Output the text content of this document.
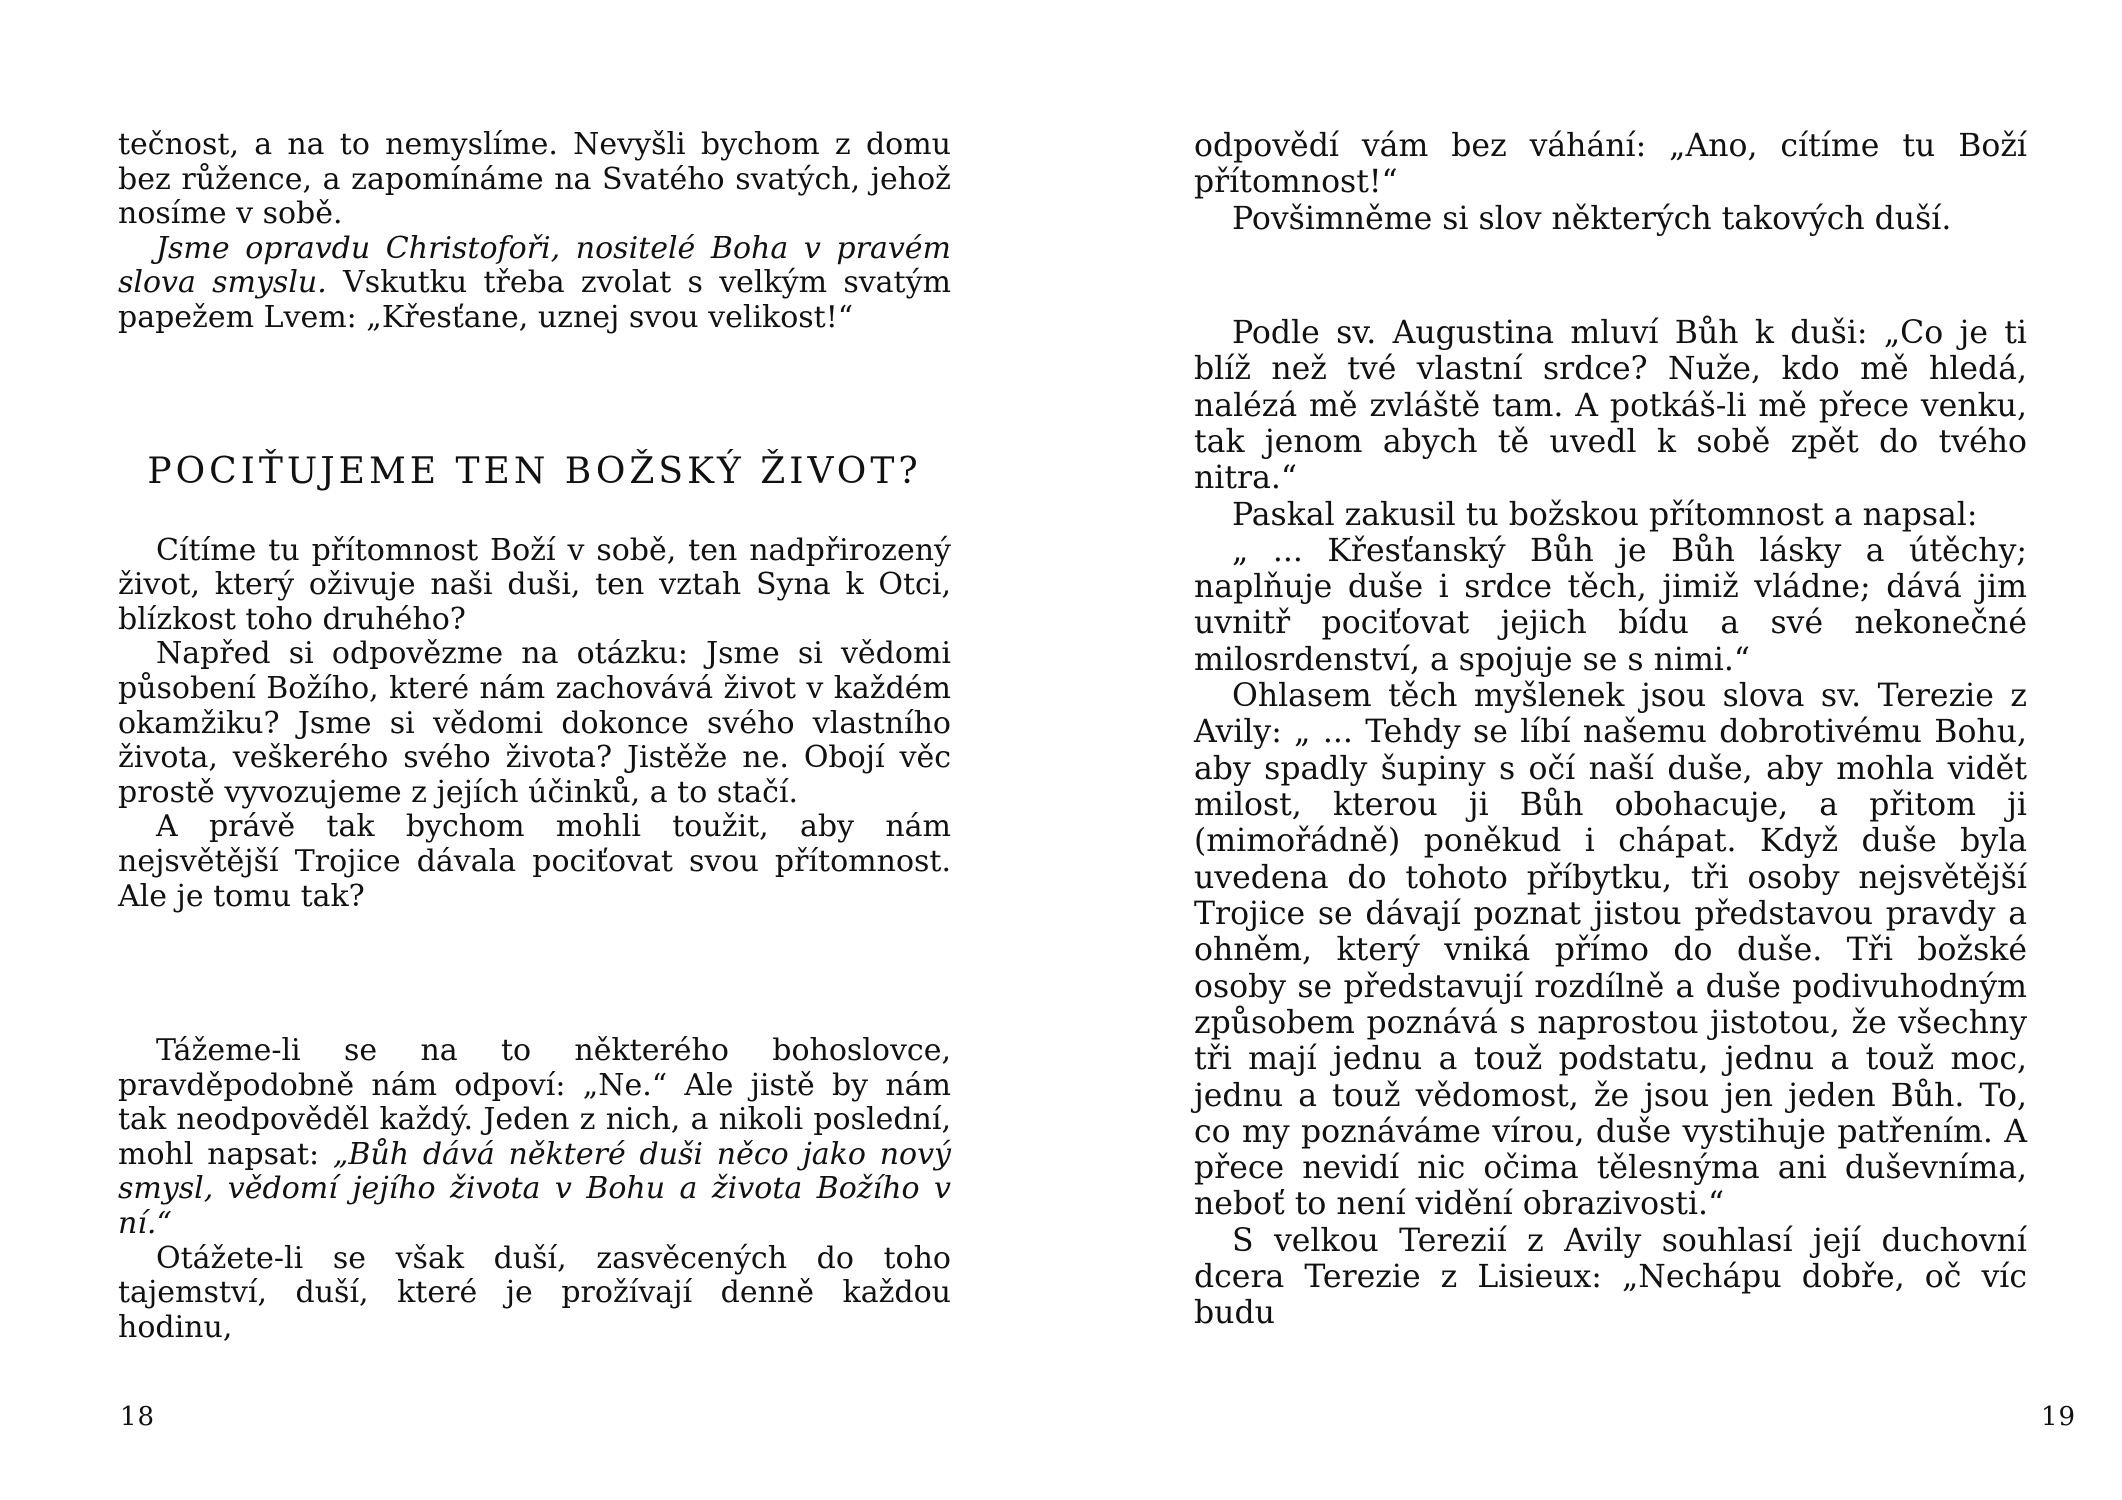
tečnost, a na to nemyslíme. Nevyšli bychom z domu bez růžence, a zapomínáme na Svatého svatých, jehož nosíme v sobě.

Jsme opravdu Christofoři, nositelé Boha v pravém slova smyslu. Vskutku třeba zvolat s velkým svatým papežem Lvem: „Křesťane, uznej svou velikost!“

POCIŤUJEME TEN BOŽSKÝ ŽIVOT?

Cítíme tu přítomnost Boží v sobě, ten nadpřirozený život, který oživuje naši duši, ten vztah Syna k Otci, blízkost toho druhého?

Napřed si odpovězme na otázku: Jsme si vědomi působení Božího, které nám zachovává život v každém okamžiku? Jsme si vědomi dokonce svého vlastního života, veškerého svého života? Jistěže ne. Obojí věc prostě vyvozujeme z jejích účinků, a to stačí.

A právě tak bychom mohli toužit, aby nám nejsvětější Trojice dávala pociťovat svou přítomnost. Ale je tomu tak?

Tážeme-li se na to některého bohoslovce, pravděpodobně nám odpoví: „Ne.“ Ale jistě by nám tak neodpověděl každý. Jeden z nich, a nikoli poslední, mohl napsat: „Bůh dává některé duši něco jako nový smysl, vědomí jejího života v Bohu a života Božího v ní.“

Otážete-li se však duší, zasvěcených do toho tajemství, duší, které je prožívají denně každou hodinu,

18

odpovědí vám bez váhání: „Ano, cítíme tu Boží přítomnost!“

Povšimněme si slov některých takových duší.

Podle sv. Augustina mluví Bůh k duši: „Co je ti blíž než tvé vlastní srdce? Nuže, kdo mě hledá, nalézá mě zvláště tam. A potkáš-li mě přece venku, tak jenom abych tě uvedl k sobě zpět do tvého nitra.“

Paskal zakusil tu božskou přítomnost a napsal:

„ ... Křesťanský Bůh je Bůh lásky a útěchy; naplňuje duše i srdce těch, jimiž vládne; dává jim uvnitř pociťovat jejich bídu a své nekonečné milosrdenství, a spojuje se s nimi.“

Ohlasem těch myšlenek jsou slova sv. Terezie z Avily: „ ... Tehdy se líbí našemu dobrotivému Bohu, aby spadly šupiny s očí naší duše, aby mohla vidět milost, kterou ji Bůh obohacuje, a přitom ji (mimořádně) poněkud i chápat. Když duše byla uvedena do tohoto příbytku, tři osoby nejsvětější Trojice se dávají poznat jistou představou pravdy a ohněm, který vniká přímo do duše. Tři božské osoby se představují rozdílně a duše podivuhodným způsobem poznává s naprostou jistotou, že všechny tři mají jednu a touž podstatu, jednu a touž moc, jednu a touž vědomost, že jsou jen jeden Bůh. To, co my poznáváme vírou, duše vystihuje patřením. A přece nevidí nic očima tělesnýma ani duševníma, neboť to není vidění obrazivosti.“

S velkou Terezií z Avily souhlasí její duchovní dcera Terezie z Lisieux: „Nechápu dobře, oč víc budu

19
